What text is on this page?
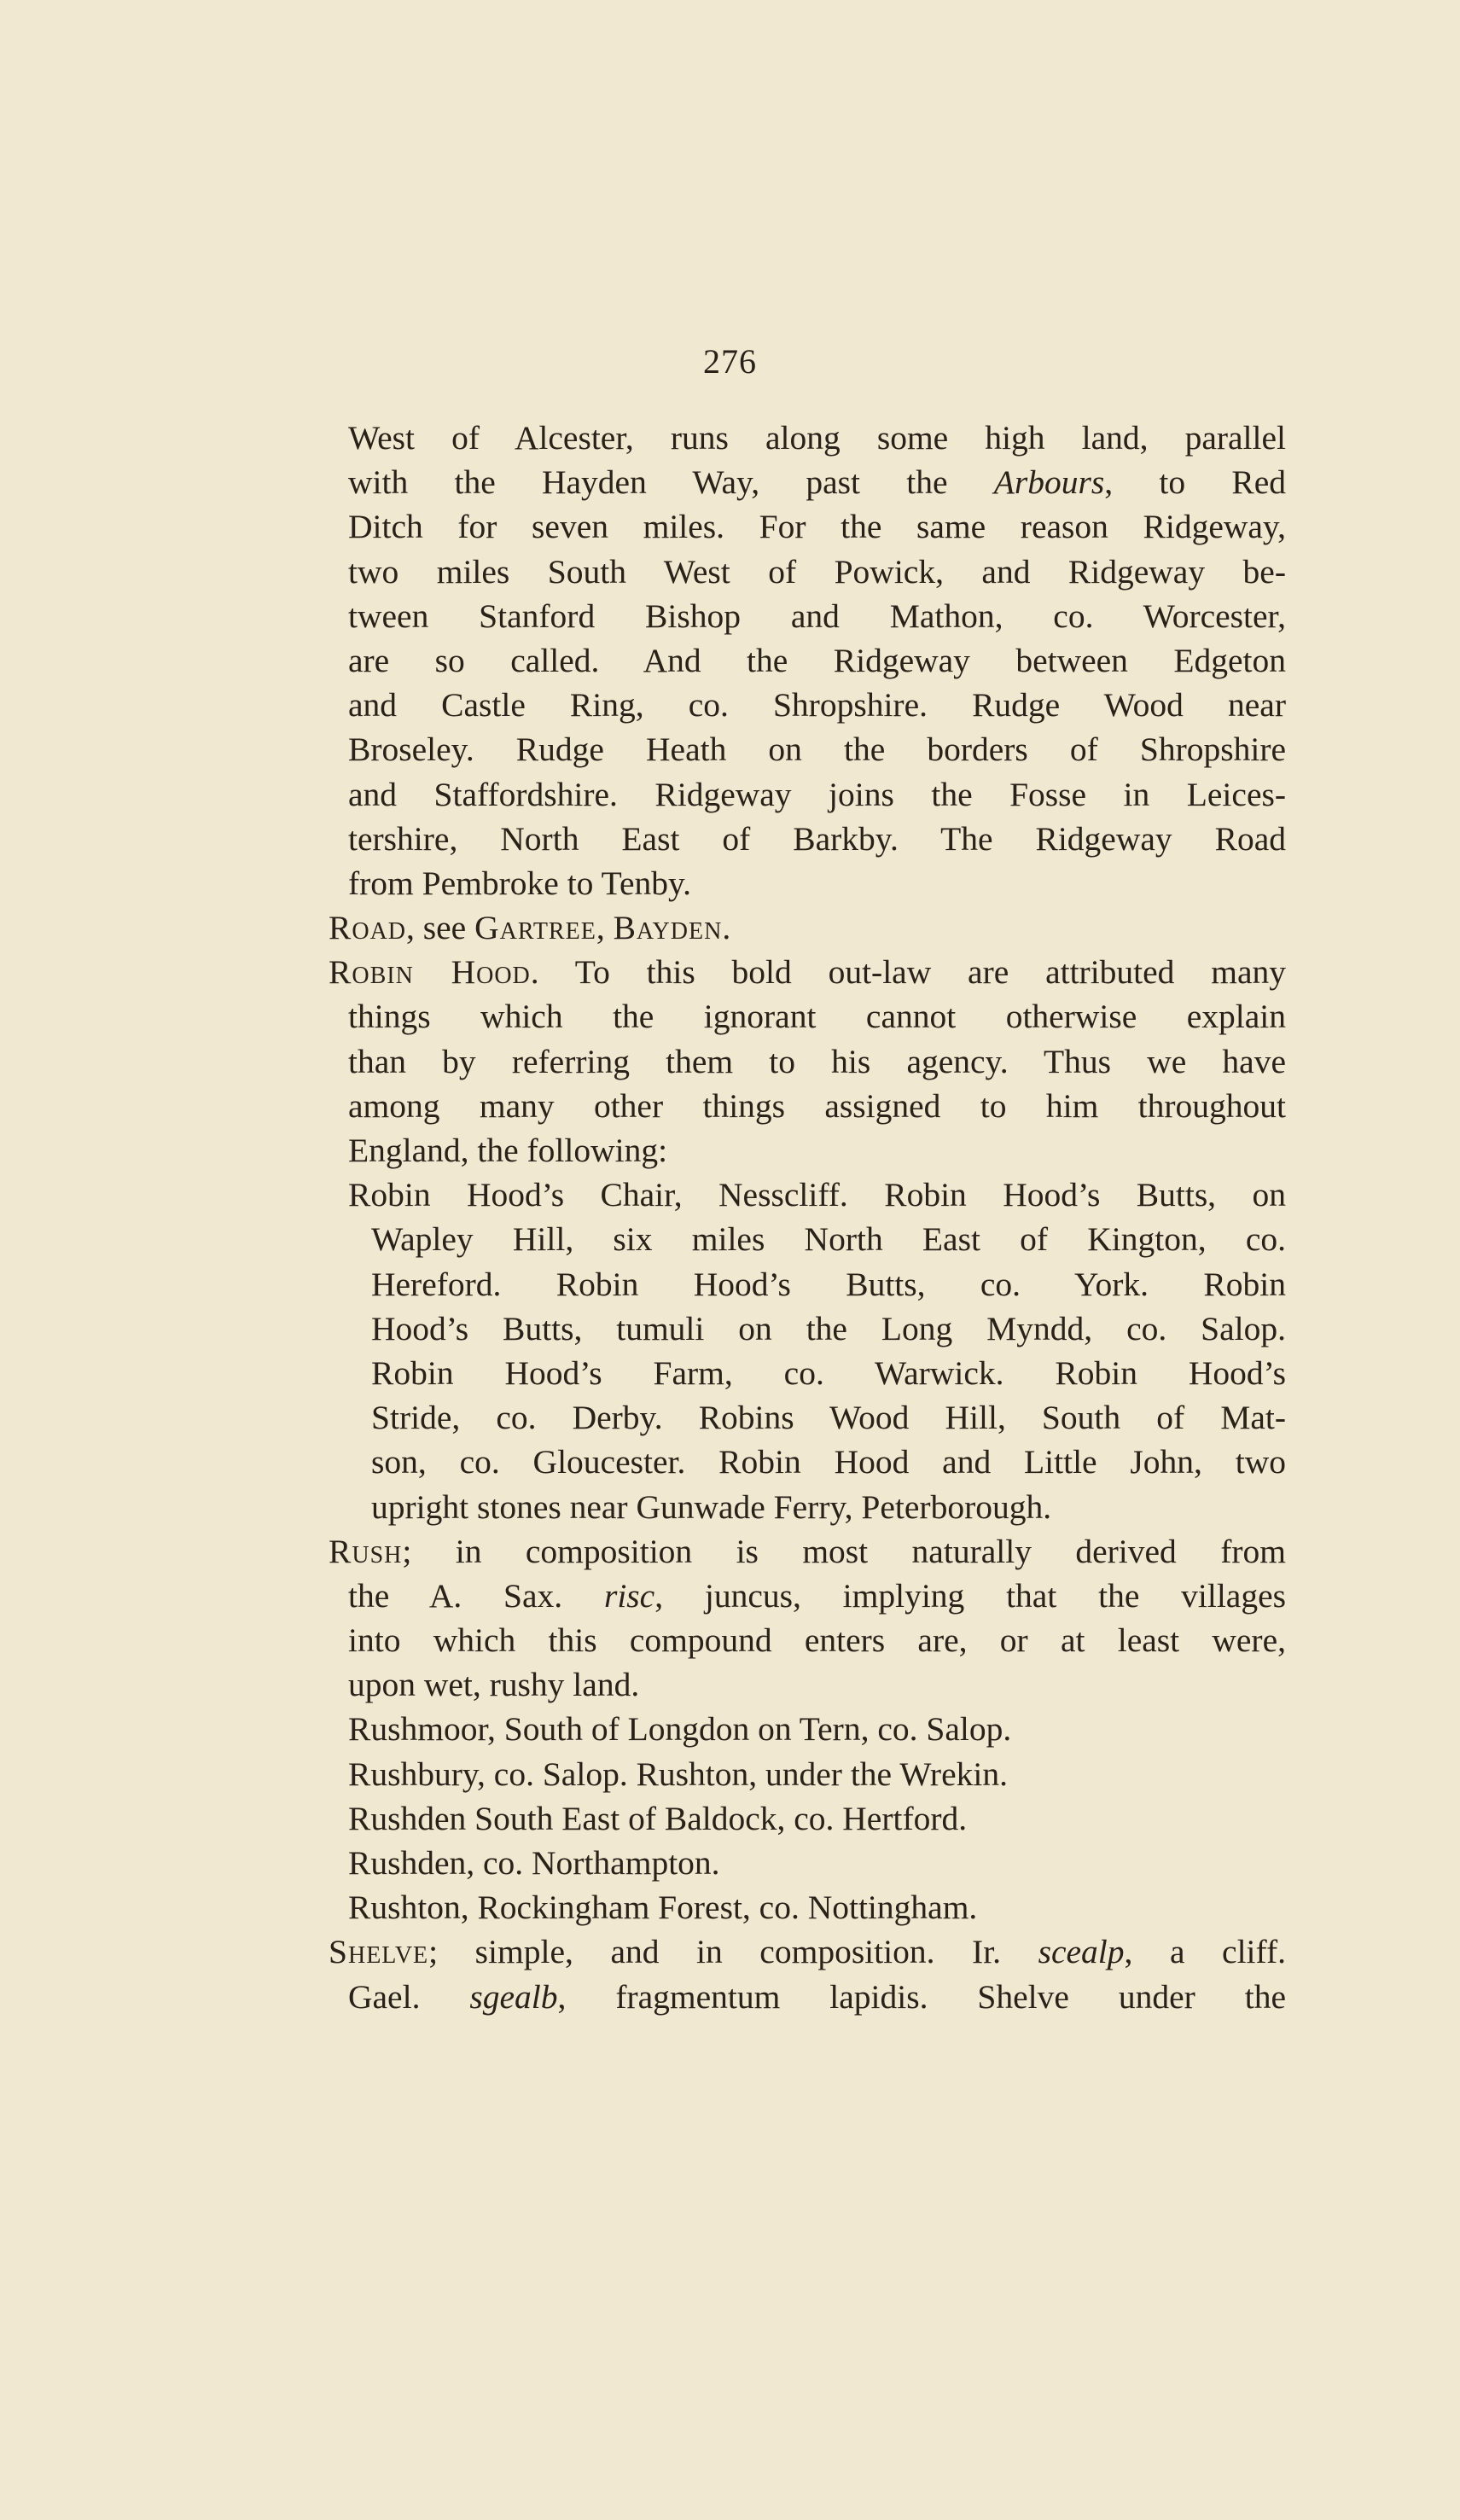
276
West of Alcester, runs along some high land, parallel
with the Hayden Way, past the Arbours, to Red
Ditch for seven miles. For the same reason Ridgeway,
two miles South West of Powick, and Ridgeway be-
tween Stanford Bishop and Mathon, co. Worcester,
are so called. And the Ridgeway between Edgeton
and Castle Ring, co. Shropshire. Rudge Wood near
Broseley. Rudge Heath on the borders of Shropshire
and Staffordshire. Ridgeway joins the Fosse in Leices-
tershire, North East of Barkby. The Ridgeway Road
from Pembroke to Tenby.
Road, see Gartree, Bayden.
Robin Hood. To this bold out-law are attributed many
things which the ignorant cannot otherwise explain
than by referring them to his agency. Thus we have
among many other things assigned to him throughout
England, the following:
Robin Hood’s Chair, Nesscliff. Robin Hood’s Butts, on
Wapley Hill, six miles North East of Kington, co.
Hereford. Robin Hood’s Butts, co. York. Robin
Hood’s Butts, tumuli on the Long Myndd, co. Salop.
Robin Hood’s Farm, co. Warwick. Robin Hood’s
Stride, co. Derby. Robins Wood Hill, South of Mat-
son, co. Gloucester. Robin Hood and Little John, two
upright stones near Gunwade Ferry, Peterborough.
Rush; in composition is most naturally derived from
the A. Sax. risc, juncus, implying that the villages
into which this compound enters are, or at least were,
upon wet, rushy land.
Rushmoor, South of Longdon on Tern, co. Salop.
Rushbury, co. Salop. Rushton, under the Wrekin.
Rushden South East of Baldock, co. Hertford.
Rushden, co. Northampton.
Rushton, Rockingham Forest, co. Nottingham.
Shelve; simple, and in composition. Ir. scealp, a cliff.
Gael. sgealb, fragmentum lapidis. Shelve under the
